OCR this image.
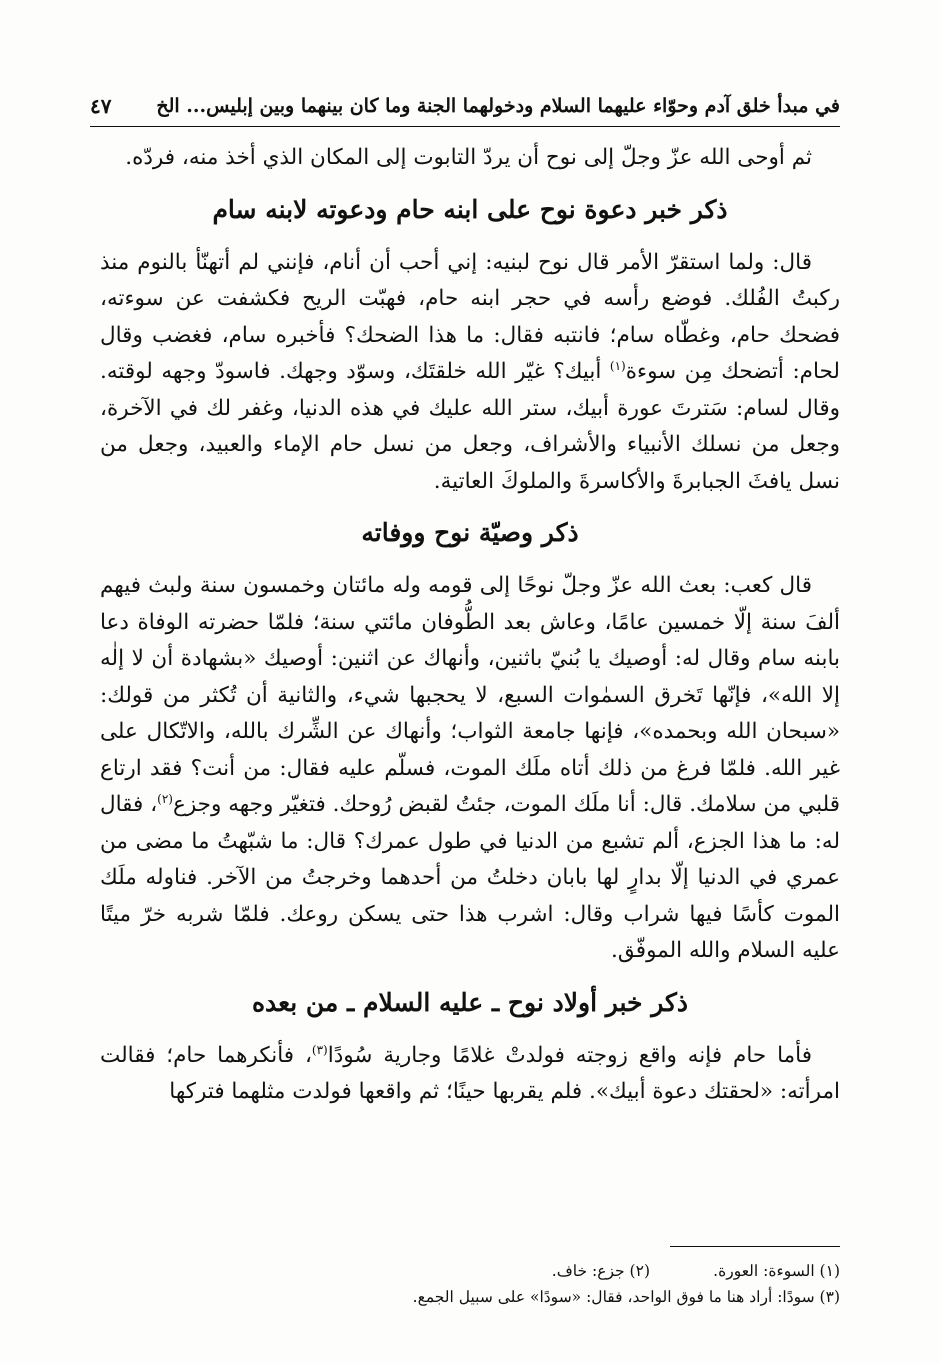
في مبدأ خلق آدم وحوّاء عليهما السلام ودخولهما الجنة وما كان بينهما وبين إبليس... الخ
٤٧

ثم أوحى الله عزّ وجلّ إلى نوح أن يردّ التابوت إلى المكان الذي أخذ منه، فردّه.

ذكر خبر دعوة نوح على ابنه حام ودعوته لابنه سام

قال: ولما استقرّ الأمر قال نوح لبنيه: إني أحب أن أنام، فإنني لم أتهنّأ بالنوم منذ ركبتُ الفُلك. فوضع رأسه في حجر ابنه حام، فهبّت الريح فكشفت عن سوءته، فضحك حام، وغطّاه سام؛ فانتبه فقال: ما هذا الضحك؟ فأخبره سام، فغضب وقال لحام: أتضحك مِن سوءة$^{(١)}$ أبيك؟ غيّر الله خلقتَك، وسوّد وجهك. فاسودّ وجهه لوقته. وقال لسام: سَترتَ عورة أبيك، ستر الله عليك في هذه الدنيا، وغفر لك في الآخرة، وجعل من نسلك الأنبياء والأشراف، وجعل من نسل حام الإماء والعبيد، وجعل من نسل يافثَ الجبابرةَ والأكاسرةَ والملوكَ العاتية.

ذكر وصيّة نوح ووفاته

قال كعب: بعث الله عزّ وجلّ نوحًا إلى قومه وله مائتان وخمسون سنة ولبث فيهم ألفَ سنة إلّا خمسين عامًا، وعاش بعد الطُّوفان مائتي سنة؛ فلمّا حضرته الوفاة دعا بابنه سام وقال له: أوصيك يا بُنيّ باثنين، وأنهاك عن اثنين: أوصيك «بشهادة أن لا إلٰه إلا الله»، فإنّها تَخرق السمٰوات السبع، لا يحجبها شيء، والثانية أن تُكثر من قولك: «سبحان الله وبحمده»، فإنها جامعة الثواب؛ وأنهاك عن الشِّرك بالله، والاتّكال على غير الله. فلمّا فرغ من ذلك أتاه ملَك الموت، فسلّم عليه فقال: من أنت؟ فقد ارتاع قلبي من سلامك. قال: أنا ملَك الموت، جئتُ لقبض رُوحك. فتغيّر وجهه وجزع$^{(٢)}$، فقال له: ما هذا الجزع، ألم تشبع من الدنيا في طول عمرك؟ قال: ما شبّهتُ ما مضى من عمري في الدنيا إلّا بدارٍ لها بابان دخلتُ من أحدهما وخرجتُ من الآخر. فناوله ملَك الموت كأسًا فيها شراب وقال: اشرب هذا حتى يسكن روعك. فلمّا شربه خرّ ميتًا عليه السلام والله الموفّق.

ذكر خبر أولاد نوح ـ عليه السلام ـ من بعده

فأما حام فإنه واقع زوجته فولدتْ غلامًا وجارية سُودًا$^{(٣)}$، فأنكرهما حام؛ فقالت امرأته: «لحقتك دعوة أبيك». فلم يقربها حينًا؛ ثم واقعها فولدت مثلهما فتركها

(١) السوءة: العورة.
(٢) جزع: خاف.
(٣) سودًا: أراد هنا ما فوق الواحد، فقال: «سودًا» على سبيل الجمع.
